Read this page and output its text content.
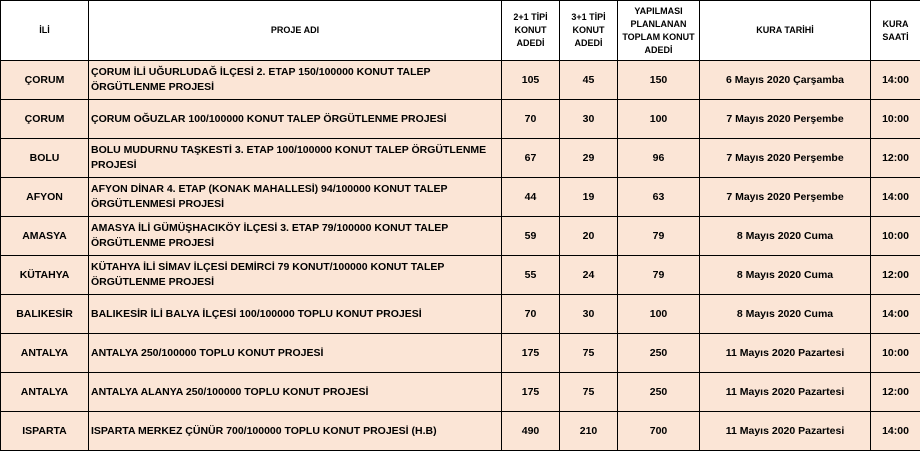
İLİ	PROJE ADI	2+1 TİPİ KONUT ADEDİ	3+1 TİPİ KONUT ADEDİ	YAPILMASI PLANLANAN TOPLAM KONUT ADEDİ	KURA TARİHİ	KURA SAATİ
ÇORUM	ÇORUM İLİ UĞURLUDAĞ İLÇESİ 2. ETAP 150/100000 KONUT TALEP ÖRGÜTLENME PROJESİ	105	45	150	6 Mayıs 2020 Çarşamba	14:00
ÇORUM	ÇORUM OĞUZLAR 100/100000 KONUT TALEP ÖRGÜTLENME PROJESİ	70	30	100	7 Mayıs 2020 Perşembe	10:00
BOLU	BOLU MUDURNU TAŞKESTİ 3. ETAP 100/100000 KONUT TALEP ÖRGÜTLENME PROJESİ	67	29	96	7 Mayıs 2020 Perşembe	12:00
AFYON	AFYON DİNAR 4. ETAP (KONAK MAHALLESİ) 94/100000 KONUT TALEP ÖRGÜTLENMESİ PROJESİ	44	19	63	7 Mayıs 2020 Perşembe	14:00
AMASYA	AMASYA İLİ GÜMÜŞHACIKÖY İLÇESİ 3. ETAP 79/100000 KONUT TALEP ÖRGÜTLENME PROJESİ	59	20	79	8 Mayıs 2020 Cuma	10:00
KÜTAHYA	KÜTAHYA İLİ SİMAV İLÇESİ DEMİRCİ 79 KONUT/100000 KONUT TALEP ÖRGÜTLENME PROJESİ	55	24	79	8 Mayıs 2020 Cuma	12:00
BALIKESİR	BALIKESİR İLİ BALYA İLÇESİ 100/100000 TOPLU KONUT PROJESİ	70	30	100	8 Mayıs 2020 Cuma	14:00
ANTALYA	ANTALYA 250/100000 TOPLU KONUT PROJESİ	175	75	250	11 Mayıs 2020 Pazartesi	10:00
ANTALYA	ANTALYA ALANYA 250/100000 TOPLU KONUT PROJESİ	175	75	250	11 Mayıs 2020 Pazartesi	12:00
ISPARTA	ISPARTA MERKEZ ÇÜNÜR 700/100000 TOPLU KONUT PROJESİ (H.B)	490	210	700	11 Mayıs 2020 Pazartesi	14:00
